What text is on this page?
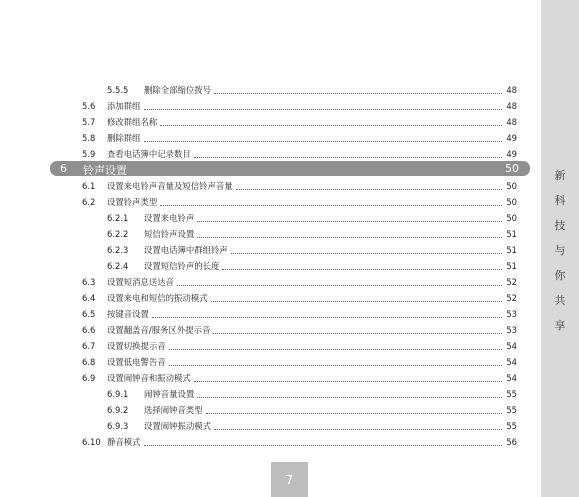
新
科
技
与
你
共
享
5.5.5	删除全部缩位拨号	48
5.6	添加群组	48
5.7	修改群组名称	48
5.8	删除群组	49
5.9	查看电话簿中记录数目	49
6 铃声设置	50
6.1	设置来电铃声音量及短信铃声音量	50
6.2	设置铃声类型	50
6.2.1	设置来电铃声	50
6.2.2	短信铃声设置	51
6.2.3	设置电话簿中群组铃声	51
6.2.4	设置短信铃声的长度	51
6.3	设置短消息送达音	52
6.4	设置来电和短信的振动模式	52
6.5	按键音设置	53
6.6	设置翻盖音/服务区外提示音	53
6.7	设置切换提示音	54
6.8	设置低电警告音	54
6.9	设置闹钟音和振动模式	54
6.9.1	闹钟音量设置	55
6.9.2	选择闹钟音类型	55
6.9.3	设置闹钟振动模式	55
6.10 静音模式	56
7
